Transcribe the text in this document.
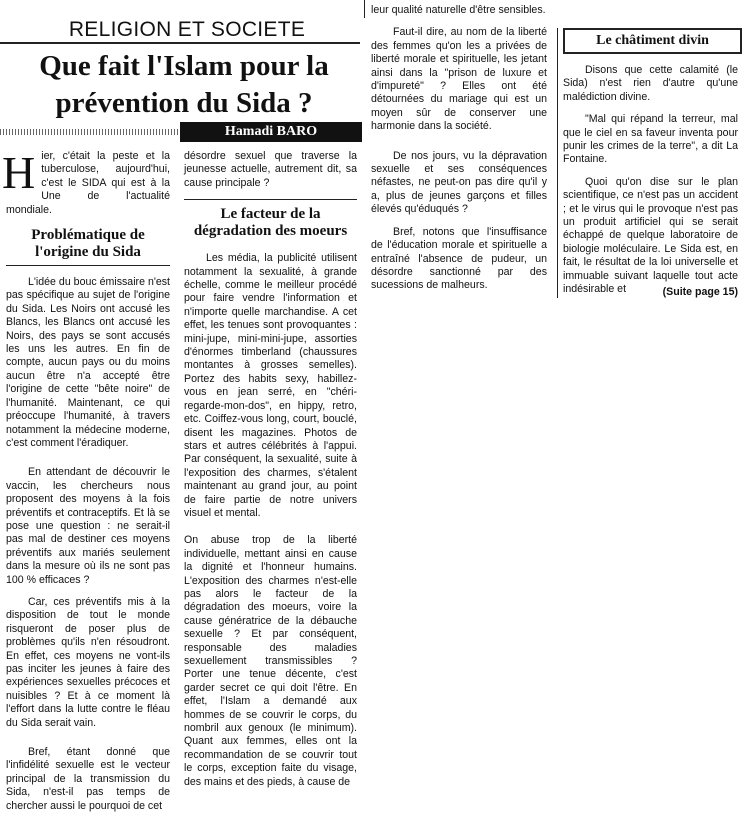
RELIGION ET SOCIETE
Que fait l'Islam pour la prévention du Sida ?
Hamadi BARO

Hier, c'était la peste et la tuberculose, aujourd'hui, c'est le SIDA qui est à la Une de l'actualité mondiale.

Problématique de l'origine du Sida

L'idée du bouc émissaire n'est pas spécifique au sujet de l'origine du Sida. Les Noirs ont accusé les Blancs, les Blancs ont accusé les Noirs, des pays se sont accusés les uns les autres. En fin de compte, aucun pays ou du moins aucun être n'a accepté être l'origine de cette "bête noire" de l'humanité. Maintenant, ce qui préoccupe l'humanité, à travers notamment la médecine moderne, c'est comment l'éradiquer.

En attendant de découvrir le vaccin, les chercheurs nous proposent des moyens à la fois préventifs et contraceptifs. Et là se pose une question : ne serait-il pas mal de destiner ces moyens préventifs aux mariés seulement dans la mesure où ils ne sont pas 100 % efficaces ?

Car, ces préventifs mis à la disposition de tout le monde risqueront de poser plus de problèmes qu'ils n'en résoudront. En effet, ces moyens ne vont-ils pas inciter les jeunes à faire des expériences sexuelles précoces et nuisibles ? Et à ce moment là l'effort dans la lutte contre le fléau du Sida serait vain.

Bref, étant donné que l'infidélité sexuelle est le vecteur principal de la transmission du Sida, n'est-il pas temps de chercher aussi le pourquoi de cet

désordre sexuel que traverse la jeunesse actuelle, autrement dit, sa cause principale ?

Le facteur de la dégradation des moeurs

Les média, la publicité utilisent notamment la sexualité, à grande échelle, comme le meilleur procédé pour faire vendre l'information et n'importe quelle marchandise. A cet effet, les tenues sont provoquantes : mini-jupe, mini-mini-jupe, assorties d'énormes timberland (chaussures montantes à grosses semelles). Portez des habits sexy, habillez-vous en jean serré, en "chéri-regarde-mon-dos", en hippy, retro, etc. Coiffez-vous long, court, bouclé, disent les magazines. Photos de stars et autres célébrités à l'appui. Par conséquent, la sexualité, suite à l'exposition des charmes, s'étalent maintenant au grand jour, au point de faire partie de notre univers visuel et mental.

On abuse trop de la liberté individuelle, mettant ainsi en cause la dignité et l'honneur humains. L'exposition des charmes n'est-elle pas alors le facteur de la dégradation des moeurs, voire la cause génératrice de la débauche sexuelle ? Et par conséquent, responsable des maladies sexuellement transmissibles ? Porter une tenue décente, c'est garder secret ce qui doit l'être. En effet, l'Islam a demandé aux hommes de se couvrir le corps, du nombril aux genoux (le minimum). Quant aux femmes, elles ont la recommandation de se couvrir tout le corps, exception faite du visage, des mains et des pieds, à cause de

leur qualité naturelle d'être sensibles.

Faut-il dire, au nom de la liberté des femmes qu'on les a privées de liberté morale et spirituelle, les jetant ainsi dans la "prison de luxure et d'impureté" ? Elles ont été détournées du mariage qui est un moyen sûr de conserver une harmonie dans la société.

De nos jours, vu la dépravation sexuelle et ses conséquences néfastes, ne peut-on pas dire qu'il y a, plus de jeunes garçons et filles élevés qu'éduqués ?

Bref, notons que l'insuffisance de l'éducation morale et spirituelle a entraîné l'absence de pudeur, un désordre sanctionné par des sucessions de malheurs.

Le châtiment divin

Disons que cette calamité (le Sida) n'est rien d'autre qu'une malédiction divine.

"Mal qui répand la terreur, mal que le ciel en sa faveur inventa pour punir les crimes de la terre", a dit La Fontaine.

Quoi qu'on dise sur le plan scientifique, ce n'est pas un accident ; et le virus qui le provoque n'est pas un produit artificiel qui se serait échappé de quelque laboratoire de biologie moléculaire. Le Sida est, en fait, le résultat de la loi universelle et immuable suivant laquelle tout acte indésirable et	(Suite page 15)
